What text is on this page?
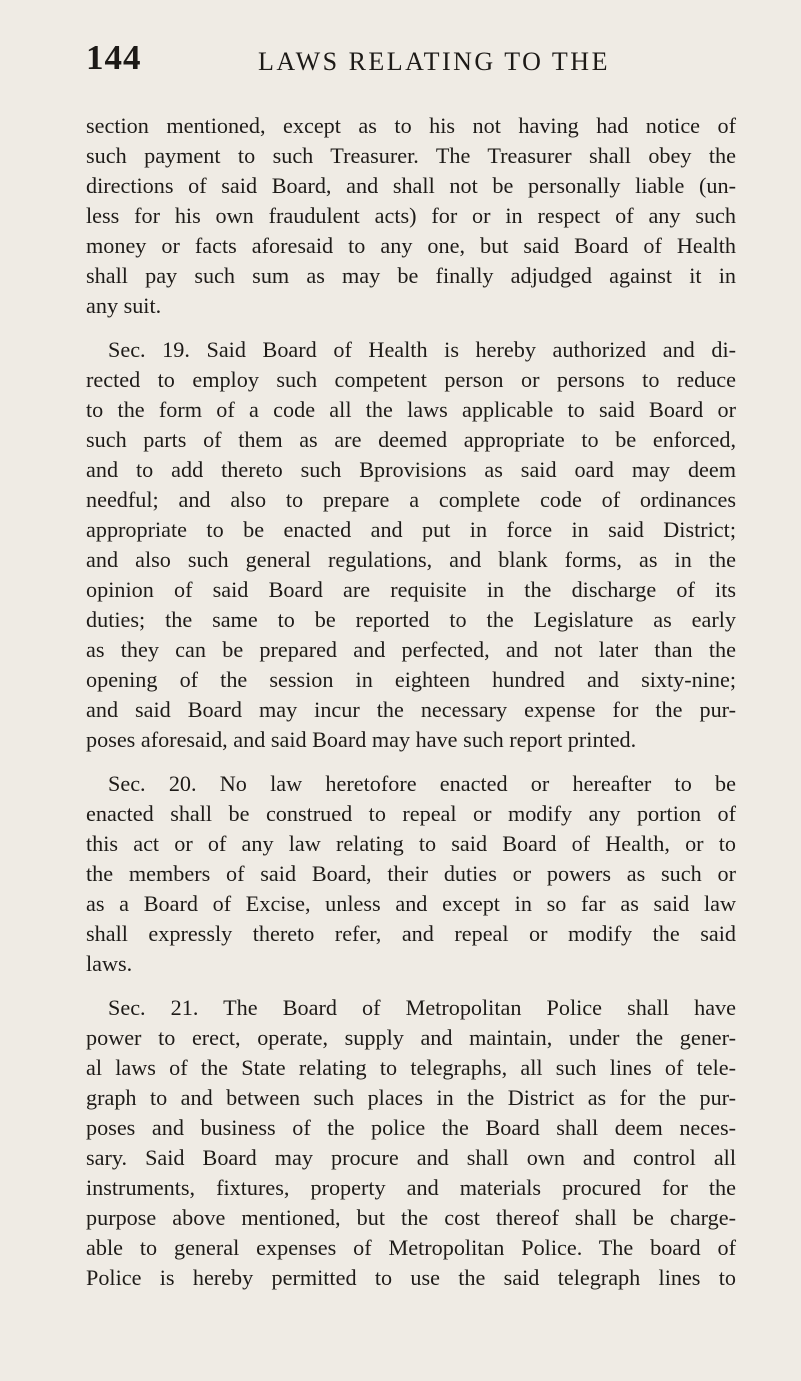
144	LAWS RELATING TO THE
section mentioned, except as to his not having had notice of
such payment to such Treasurer. The Treasurer shall obey the
directions of said Board, and shall not be personally liable (un-
less for his own fraudulent acts) for or in respect of any such
money or facts aforesaid to any one, but said Board of Health
shall pay such sum as may be finally adjudged against it in
any suit.
Sec. 19. Said Board of Health is hereby authorized and di-
rected to employ such competent person or persons to reduce
to the form of a code all the laws applicable to said Board or
such parts of them as are deemed appropriate to be enforced,
and to add thereto such Bprovisions as said oard may deem
needful; and also to prepare a complete code of ordinances
appropriate to be enacted and put in force in said District;
and also such general regulations, and blank forms, as in the
opinion of said Board are requisite in the discharge of its
duties; the same to be reported to the Legislature as early
as they can be prepared and perfected, and not later than the
opening of the session in eighteen hundred and sixty-nine;
and said Board may incur the necessary expense for the pur-
poses aforesaid, and said Board may have such report printed.
Sec. 20. No law heretofore enacted or hereafter to be
enacted shall be construed to repeal or modify any portion of
this act or of any law relating to said Board of Health, or to
the members of said Board, their duties or powers as such or
as a Board of Excise, unless and except in so far as said law
shall expressly thereto refer, and repeal or modify the said
laws.
Sec. 21. The Board of Metropolitan Police shall have
power to erect, operate, supply and maintain, under the gener-
al laws of the State relating to telegraphs, all such lines of tele-
graph to and between such places in the District as for the pur-
poses and business of the police the Board shall deem neces-
sary. Said Board may procure and shall own and control all
instruments, fixtures, property and materials procured for the
purpose above mentioned, but the cost thereof shall be charge-
able to general expenses of Metropolitan Police. The board of
Police is hereby permitted to use the said telegraph lines to
